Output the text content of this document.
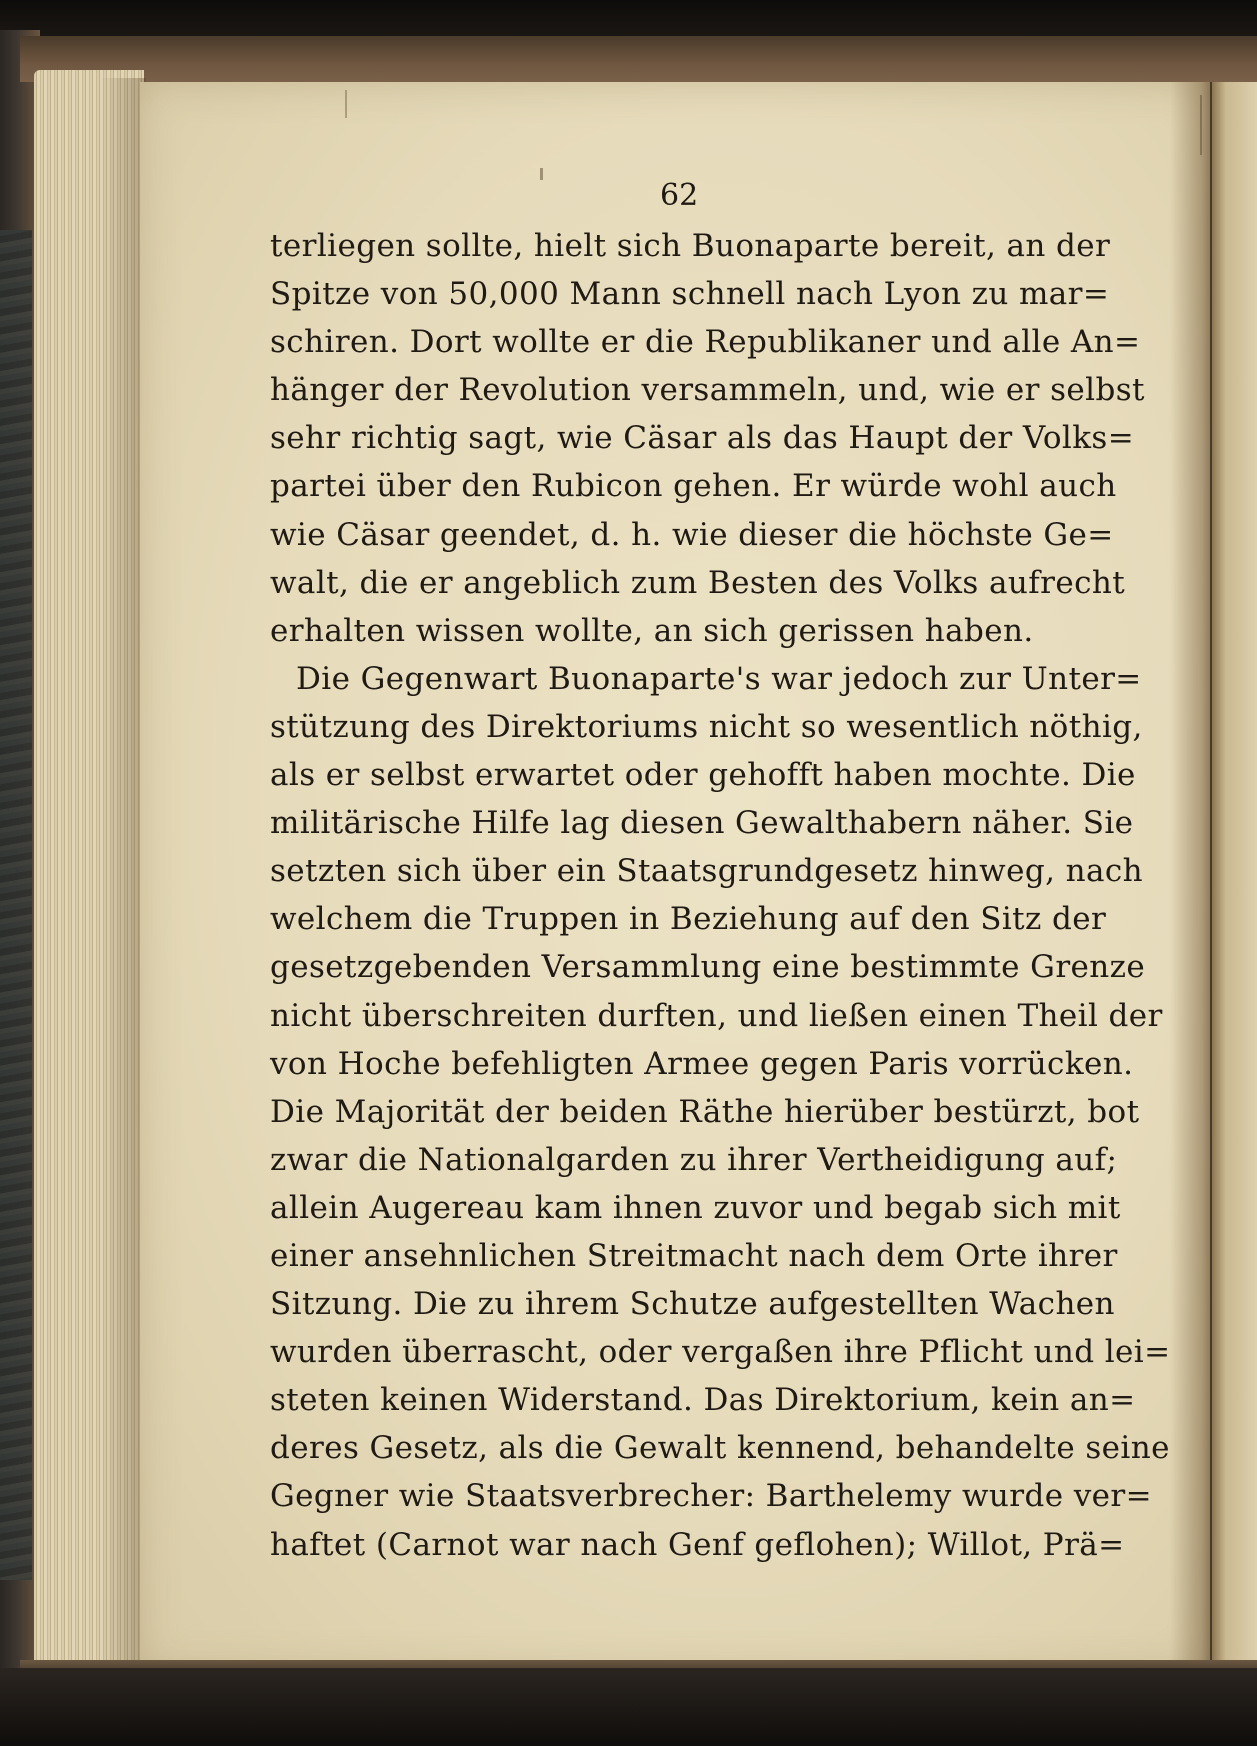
62
terliegen sollte, hielt sich Buonaparte bereit, an der
Spitze von 50,000 Mann schnell nach Lyon zu mar=
schiren. Dort wollte er die Republikaner und alle An=
hänger der Revolution versammeln, und, wie er selbst
sehr richtig sagt, wie Cäsar als das Haupt der Volks=
partei über den Rubicon gehen. Er würde wohl auch
wie Cäsar geendet, d. h. wie dieser die höchste Ge=
walt, die er angeblich zum Besten des Volks aufrecht
erhalten wissen wollte, an sich gerissen haben.
Die Gegenwart Buonaparte's war jedoch zur Unter=
stützung des Direktoriums nicht so wesentlich nöthig,
als er selbst erwartet oder gehofft haben mochte. Die
militärische Hilfe lag diesen Gewalthabern näher. Sie
setzten sich über ein Staatsgrundgesetz hinweg, nach
welchem die Truppen in Beziehung auf den Sitz der
gesetzgebenden Versammlung eine bestimmte Grenze
nicht überschreiten durften, und ließen einen Theil der
von Hoche befehligten Armee gegen Paris vorrücken.
Die Majorität der beiden Räthe hierüber bestürzt, bot
zwar die Nationalgarden zu ihrer Vertheidigung auf;
allein Augereau kam ihnen zuvor und begab sich mit
einer ansehnlichen Streitmacht nach dem Orte ihrer
Sitzung. Die zu ihrem Schutze aufgestellten Wachen
wurden überrascht, oder vergaßen ihre Pflicht und lei=
steten keinen Widerstand. Das Direktorium, kein an=
deres Gesetz, als die Gewalt kennend, behandelte seine
Gegner wie Staatsverbrecher: Barthelemy wurde ver=
haftet (Carnot war nach Genf geflohen); Willot, Prä=
